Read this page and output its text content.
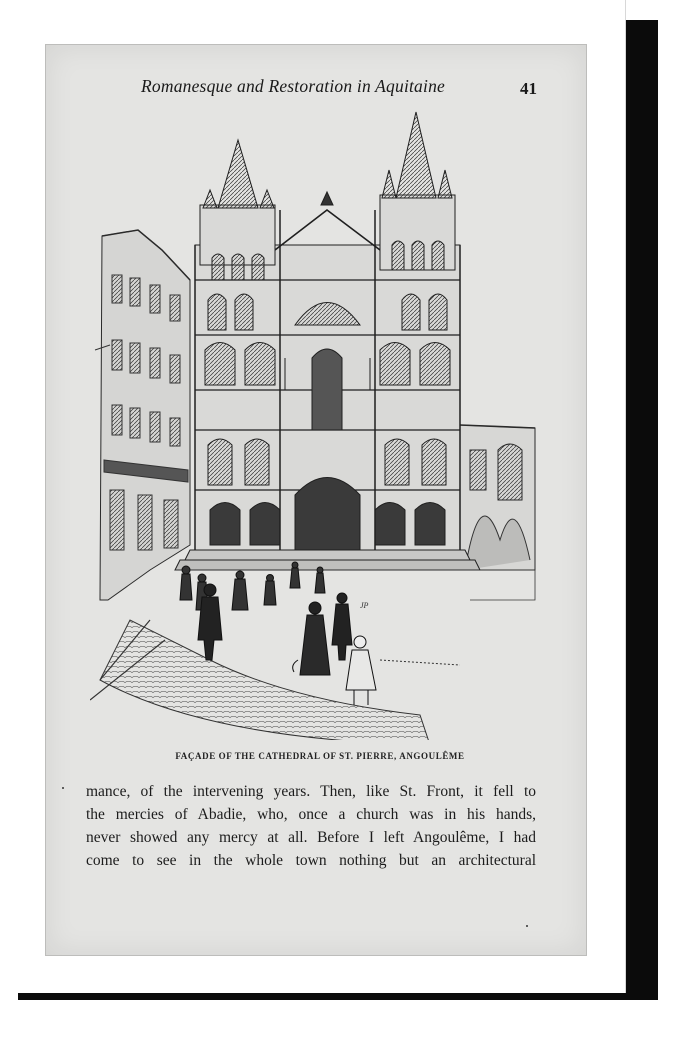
Romanesque and Restoration in Aquitaine	41
JP
FAÇADE OF THE CATHEDRAL OF ST. PIERRE, ANGOULÊME
mance, of the intervening years. Then, like St. Front, it fell to
the mercies of Abadie, who, once a church was in his hands,
never showed any mercy at all. Before I left Angoulême, I had
come to see in the whole town nothing but an architectural
